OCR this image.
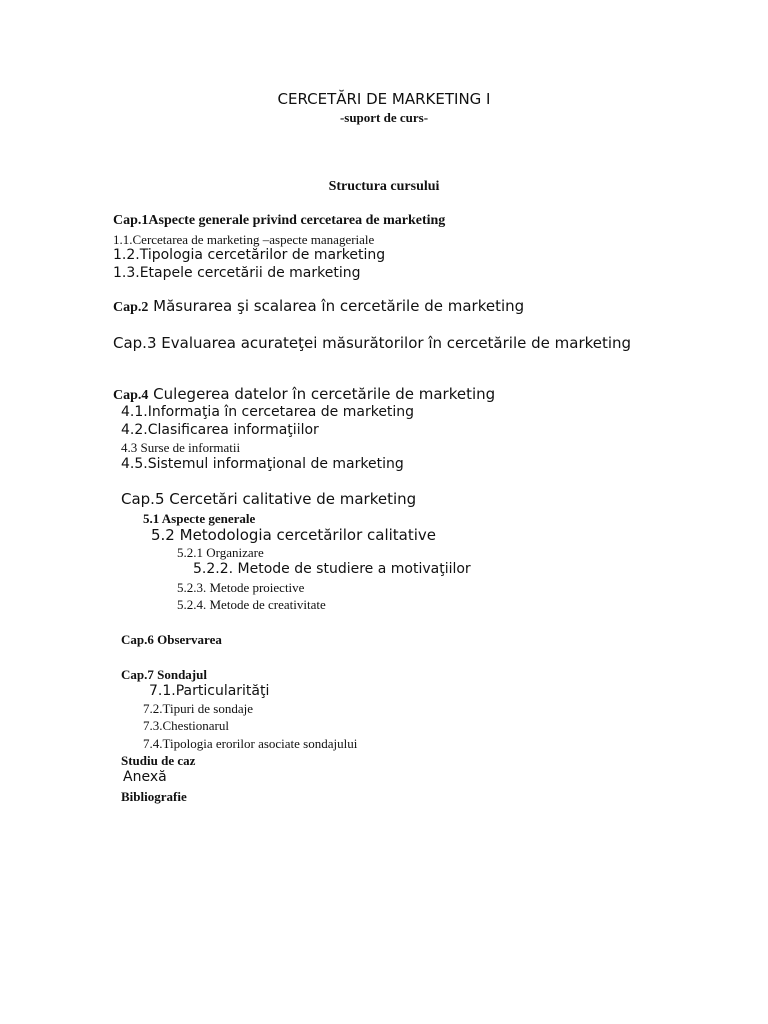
CERCETĂRI DE MARKETING I
-suport de curs-
Structura cursului
Cap.1Aspecte generale privind cercetarea de marketing
1.1.Cercetarea de marketing –aspecte manageriale
1.2.Tipologia cercetărilor de marketing
1.3.Etapele cercetării de marketing
Cap.2 Măsurarea şi scalarea în cercetările de marketing
Cap.3 Evaluarea acurateţei măsurătorilor în cercetările de marketing
Cap.4 Culegerea datelor în cercetările de marketing
4.1.Informaţia în cercetarea de marketing
4.2.Clasificarea informaţiilor
4.3 Surse de informatii
4.5.Sistemul informaţional de marketing
Cap.5 Cercetări calitative de marketing
5.1 Aspecte generale
5.2 Metodologia cercetărilor calitative
5.2.1 Organizare
5.2.2. Metode de studiere a motivaţiilor
5.2.3. Metode proiective
5.2.4. Metode de creativitate
Cap.6 Observarea
Cap.7 Sondajul
7.1.Particularităţi
7.2.Tipuri de sondaje
7.3.Chestionarul
7.4.Tipologia erorilor asociate sondajului
Studiu de caz
Anexă
Bibliografie
